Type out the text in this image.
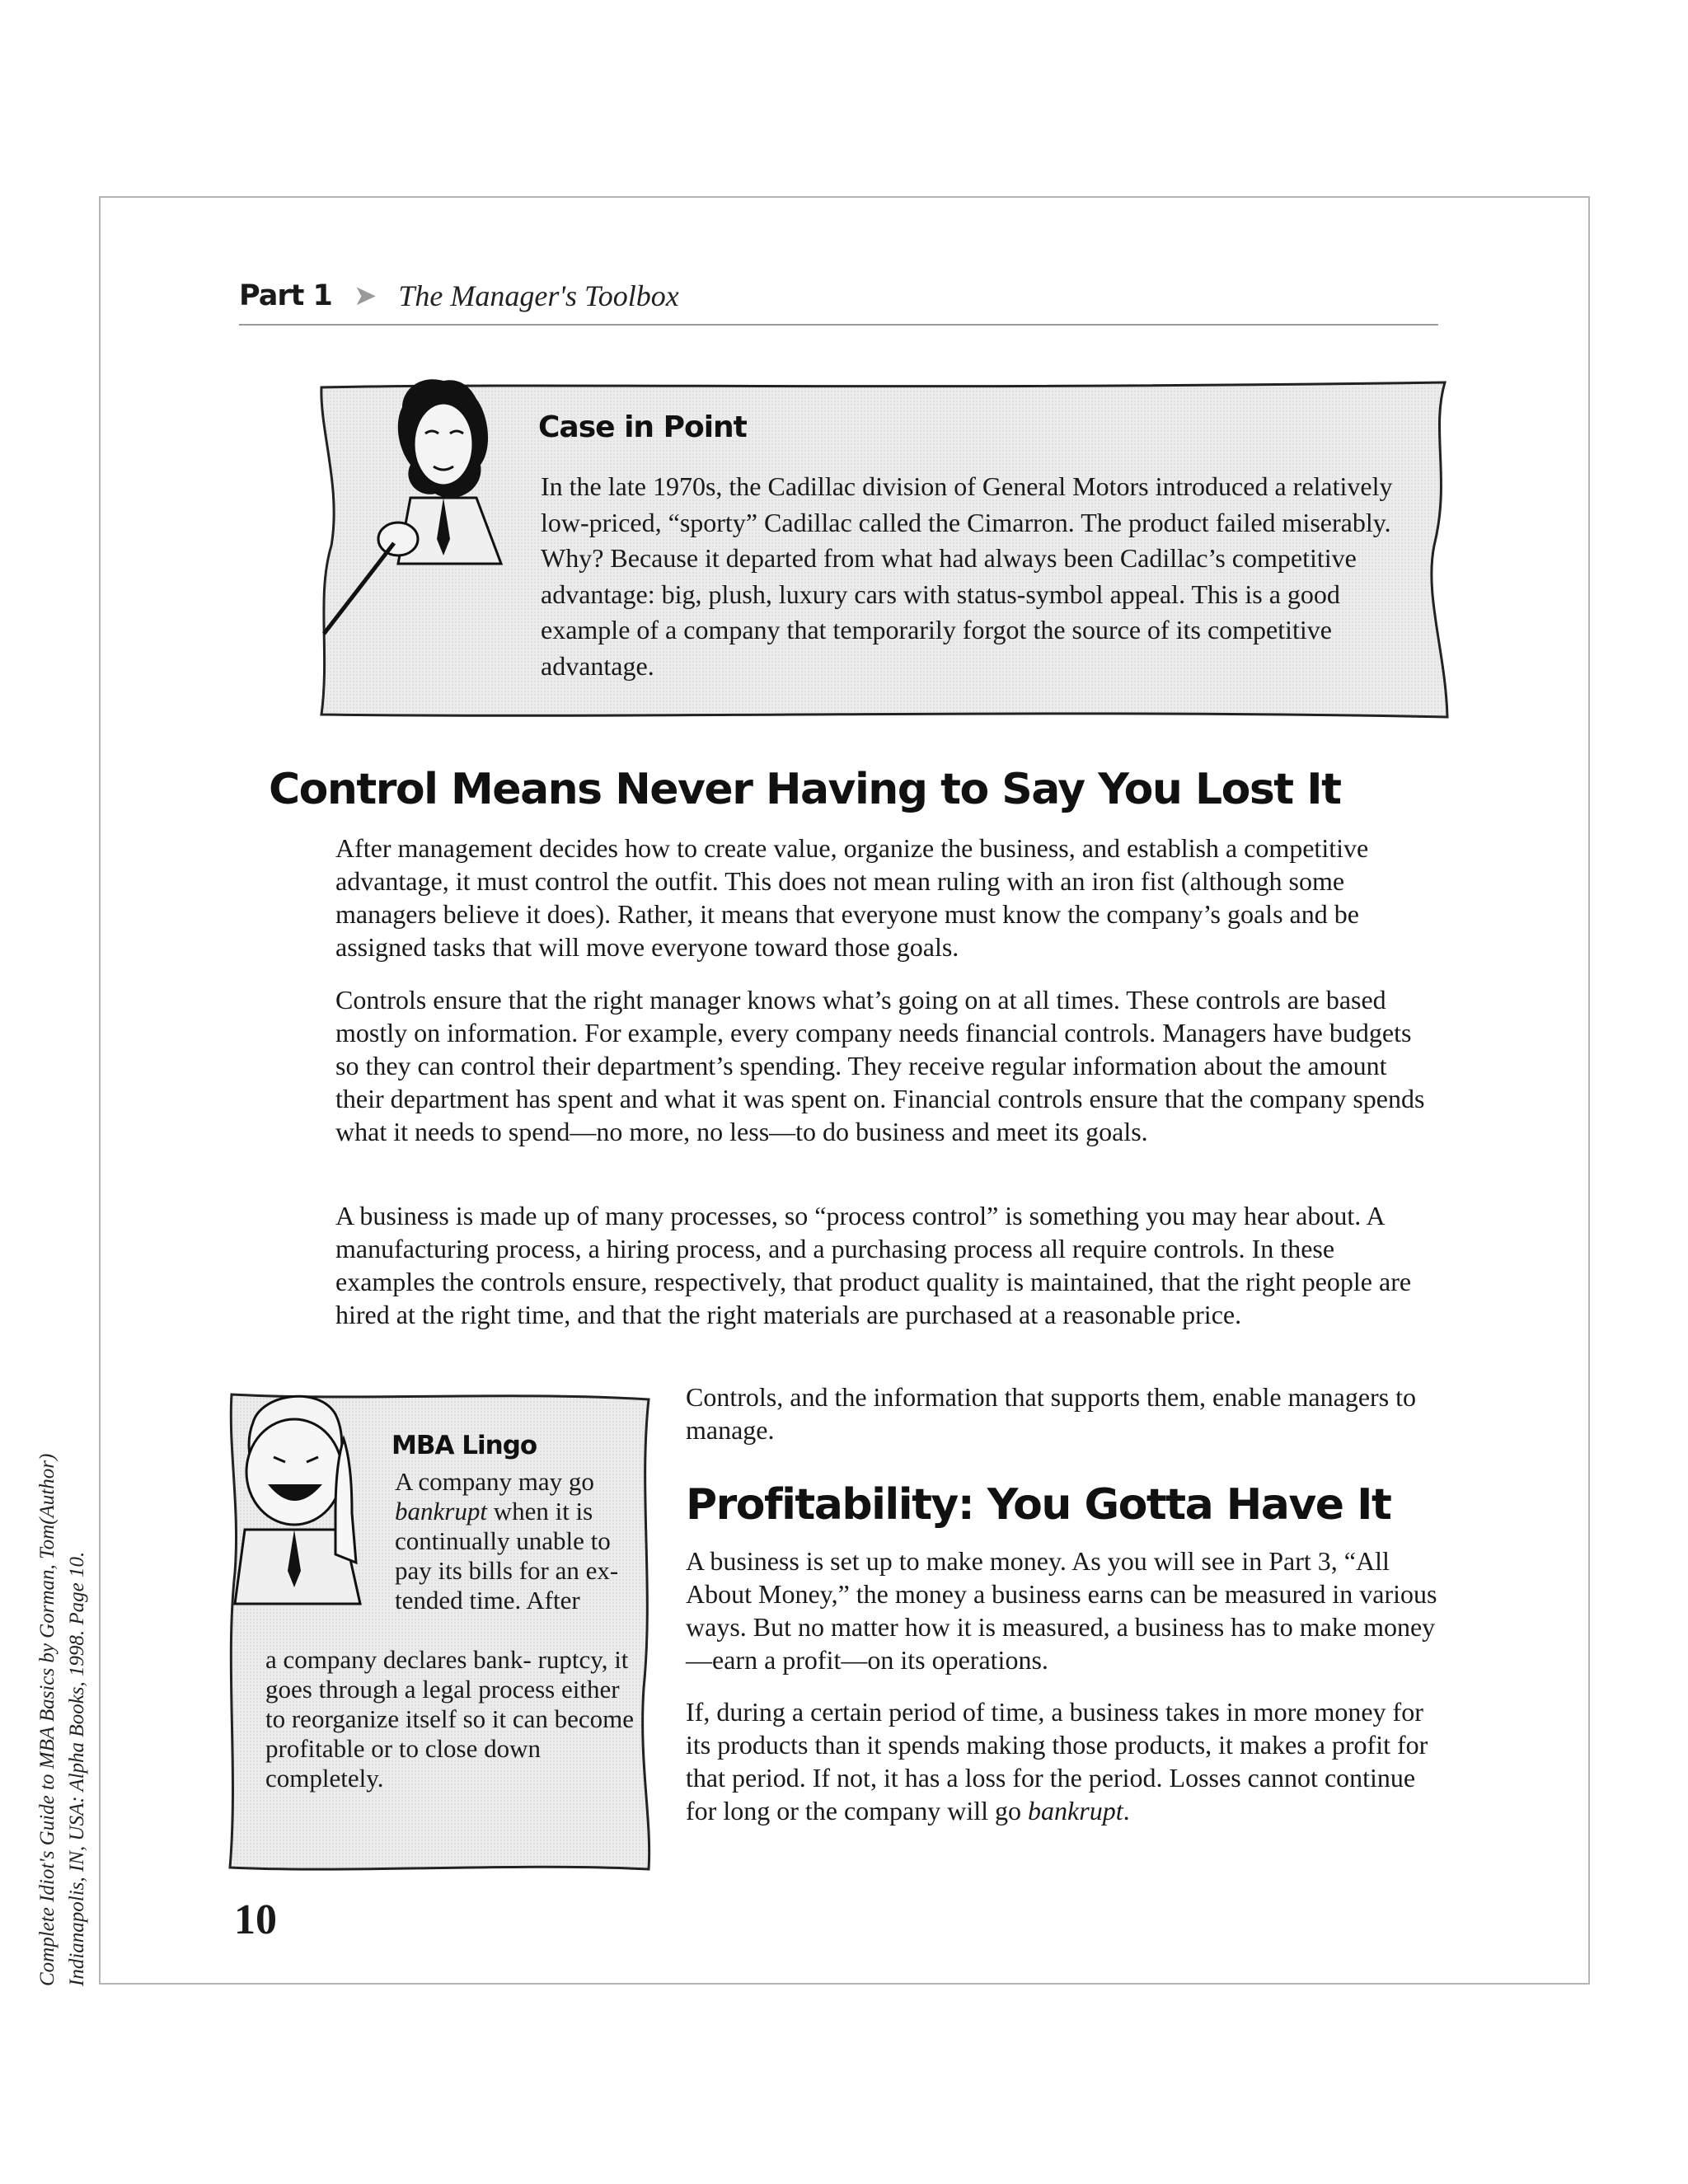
Complete Idiot's Guide to MBA Basics by Gorman, Tom(Author) Indianapolis, IN, USA: Alpha Books, 1998. Page 10.
Part 1 ➤ The Manager's Toolbox
Case in Point
In the late 1970s, the Cadillac division of General Motors introduced a relatively low-priced, “sporty” Cadillac called the Cimarron. The product failed miserably. Why? Because it departed from what had always been Cadillac’s competitive advantage: big, plush, luxury cars with status-symbol appeal. This is a good example of a company that temporarily forgot the source of its competitive advantage.
Control Means Never Having to Say You Lost It

After management decides how to create value, organize the business, and establish a competitive advantage, it must control the outfit. This does not mean ruling with an iron fist (although some managers believe it does). Rather, it means that everyone must know the company’s goals and be assigned tasks that will move everyone toward those goals.

Controls ensure that the right manager knows what’s going on at all times. These controls are based mostly on information. For example, every company needs financial controls. Managers have budgets so they can control their department’s spending. They receive regular information about the amount their department has spent and what it was spent on. Financial controls ensure that the company spends what it needs to spend—no more, no less—to do business and meet its goals.

A business is made up of many processes, so “process control” is something you may hear about. A manufacturing process, a hiring process, and a purchasing process all require controls. In these examples the controls ensure, respectively, that product quality is maintained, that the right people are hired at the right time, and that the right materials are purchased at a reasonable price.

MBA Lingo
A company may go bankrupt when it is continually unable to pay its bills for an ex- tended time. After
a company declares bank- ruptcy, it goes through a legal process either to reorganize itself so it can become profitable or to close down completely.

Controls, and the information that supports them, enable managers to manage.

Profitability: You Gotta Have It

A business is set up to make money. As you will see in Part 3, “All About Money,” the money a business earns can be measured in various ways. But no matter how it is measured, a business has to make money—earn a profit—on its operations.

If, during a certain period of time, a business takes in more money for its products than it spends making those products, it makes a profit for that period. If not, it has a loss for the period. Losses cannot continue for long or the company will go bankrupt.

10
